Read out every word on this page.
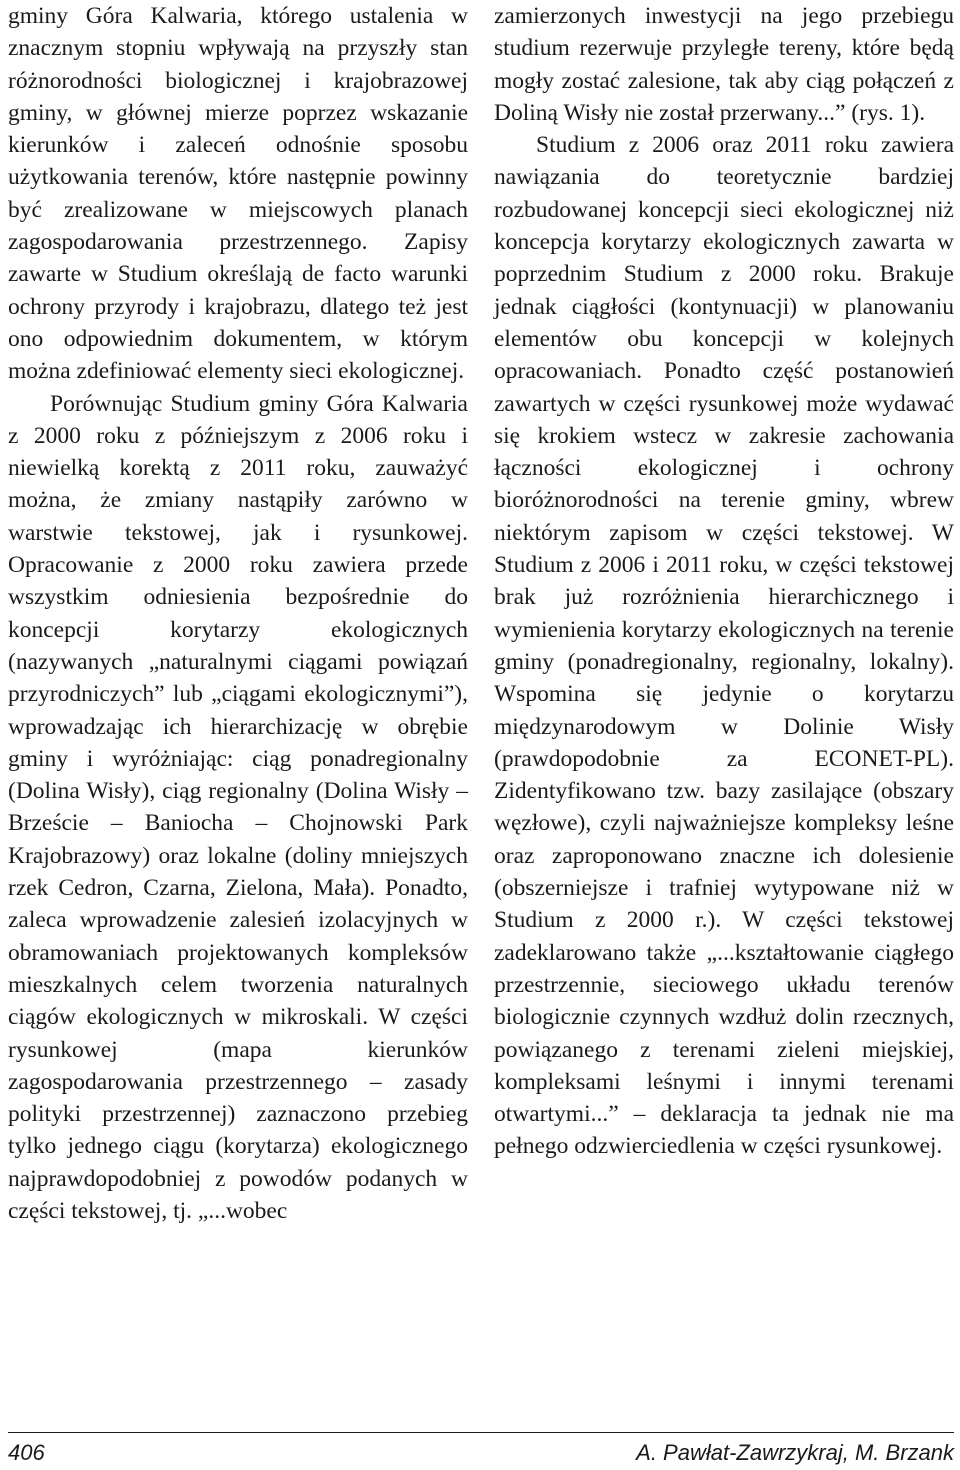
gminy Góra Kalwaria, którego ustalenia w znacznym stopniu wpływają na przyszły stan różnorodności biologicznej i krajobrazowej gminy, w głównej mierze poprzez wskazanie kierunków i zaleceń odnośnie sposobu użytkowania terenów, które następnie powinny być zrealizowane w miejscowych planach zagospodarowania przestrzennego. Zapisy zawarte w Studium określają de facto warunki ochrony przyrody i krajobrazu, dlatego też jest ono odpowiednim dokumentem, w którym można zdefiniować elementy sieci ekologicznej.

Porównując Studium gminy Góra Kalwaria z 2000 roku z późniejszym z 2006 roku i niewielką korektą z 2011 roku, zauważyć można, że zmiany nastąpiły zarówno w warstwie tekstowej, jak i rysunkowej. Opracowanie z 2000 roku zawiera przede wszystkim odniesienia bezpośrednie do koncepcji korytarzy ekologicznych (nazywanych „naturalnymi ciągami powiązań przyrodniczych” lub „ciągami ekologicznymi”), wprowadzając ich hierarchizację w obrębie gminy i wyróżniając: ciąg ponadregionalny (Dolina Wisły), ciąg regionalny (Dolina Wisły – Brzeście – Baniocha – Chojnowski Park Krajobrazowy) oraz lokalne (doliny mniejszych rzek Cedron, Czarna, Zielona, Mała). Ponadto, zaleca wprowadzenie zalesień izolacyjnych w obramowaniach projektowanych kompleksów mieszkalnych celem tworzenia naturalnych ciągów ekologicznych w mikroskali. W części rysunkowej (mapa kierunków zagospodarowania przestrzennego – zasady polityki przestrzennej) zaznaczono przebieg tylko jednego ciągu (korytarza) ekologicznego najprawdopodobniej z powodów podanych w części tekstowej, tj. „...wobec

zamierzonych inwestycji na jego przebiegu studium rezerwuje przyległe tereny, które będą mogły zostać zalesione, tak aby ciąg połączeń z Doliną Wisły nie został przerwany...” (rys. 1).

Studium z 2006 oraz 2011 roku zawiera nawiązania do teoretycznie bardziej rozbudowanej koncepcji sieci ekologicznej niż koncepcja korytarzy ekologicznych zawarta w poprzednim Studium z 2000 roku. Brakuje jednak ciągłości (kontynuacji) w planowaniu elementów obu koncepcji w kolejnych opracowaniach. Ponadto część postanowień zawartych w części rysunkowej może wydawać się krokiem wstecz w zakresie zachowania łączności ekologicznej i ochrony bioróżnorodności na terenie gminy, wbrew niektórym zapisom w części tekstowej. W Studium z 2006 i 2011 roku, w części tekstowej brak już rozróżnienia hierarchicznego i wymienienia korytarzy ekologicznych na terenie gminy (ponadregionalny, regionalny, lokalny). Wspomina się jedynie o korytarzu międzynarodowym w Dolinie Wisły (prawdopodobnie za ECONET-PL). Zidentyfikowano tzw. bazy zasilające (obszary węzłowe), czyli najważniejsze kompleksy leśne oraz zaproponowano znaczne ich dolesienie (obszerniejsze i trafniej wytypowane niż w Studium z 2000 r.). W części tekstowej zadeklarowano także „...kształtowanie ciągłego przestrzennie, sieciowego układu terenów biologicznie czynnych wzdłuż dolin rzecznych, powiązanego z terenami zieleni miejskiej, kompleksami leśnymi i innymi terenami otwartymi...” – deklaracja ta jednak nie ma pełnego odzwierciedlenia w części rysunkowej.

406	A. Pawłat-Zawrzykraj, M. Brzank
